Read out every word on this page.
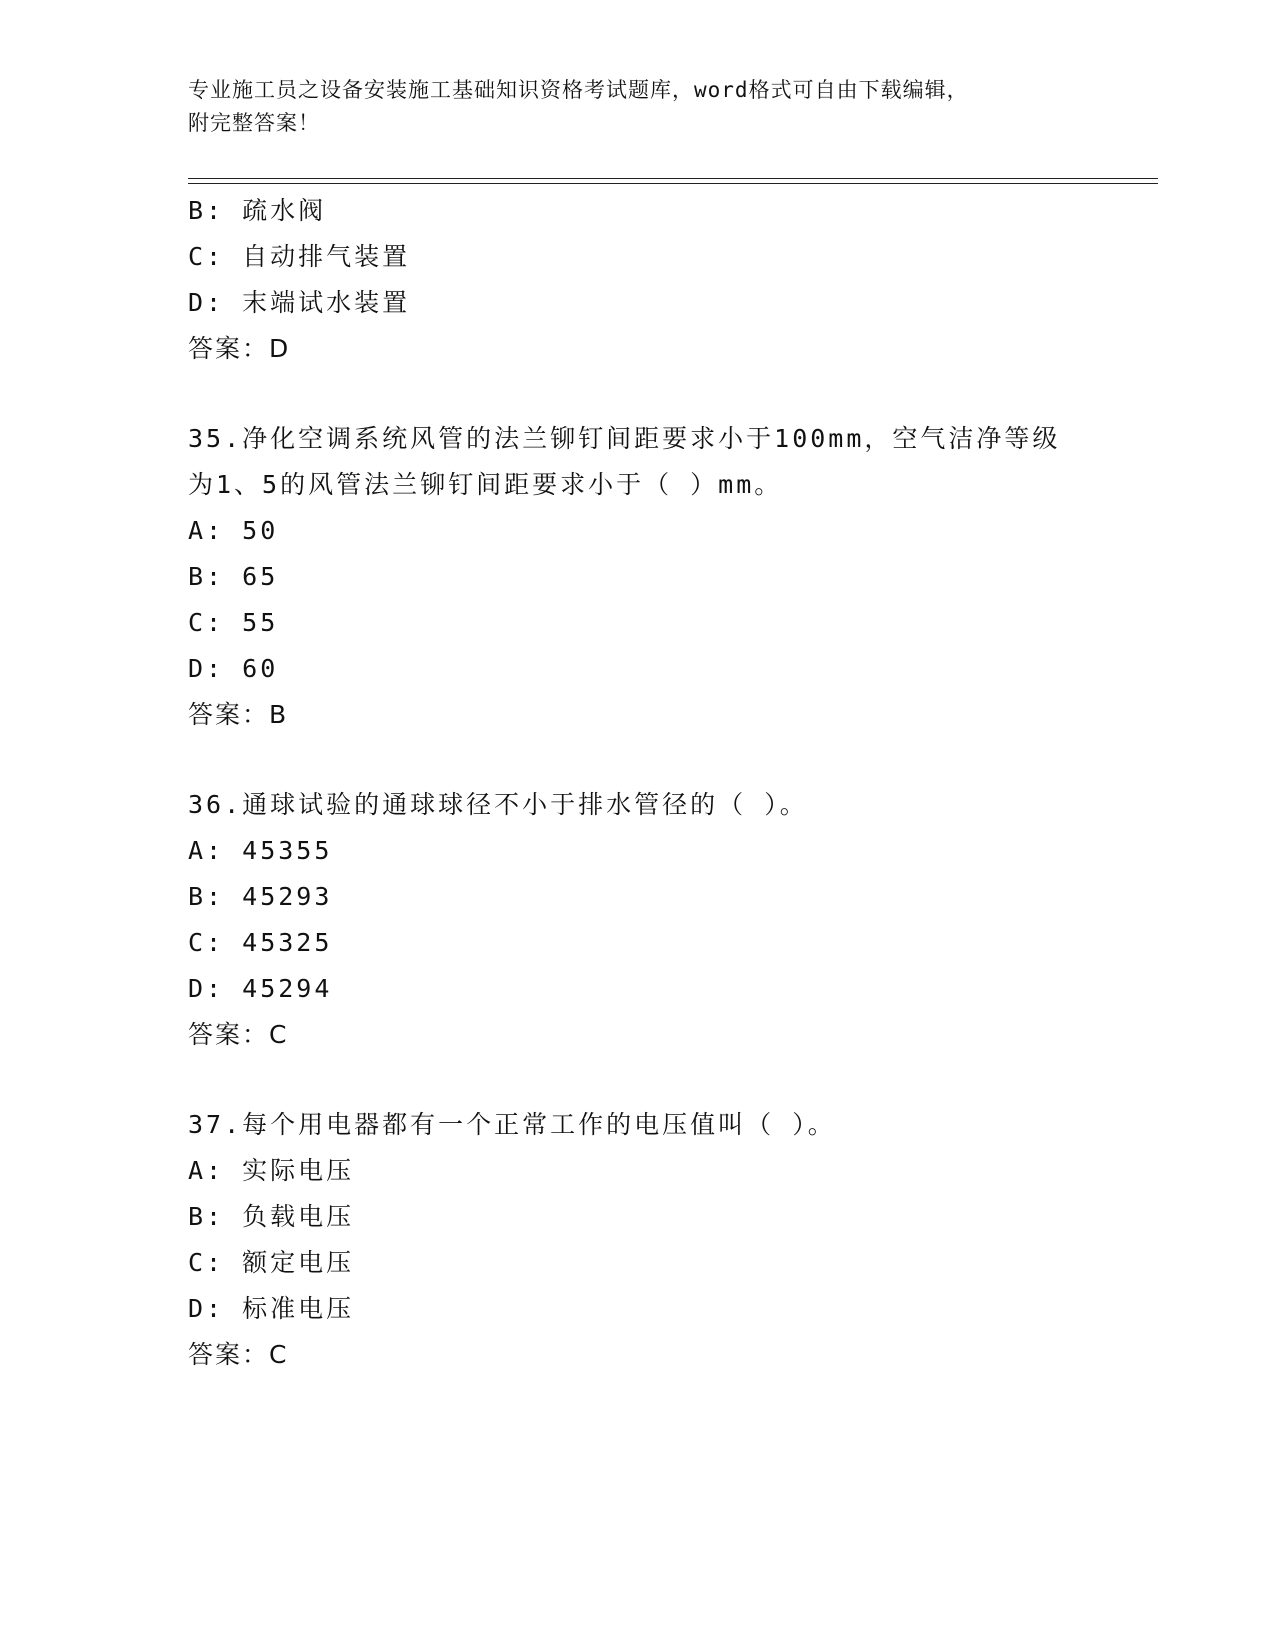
专业施工员之设备安装施工基础知识资格考试题库，word格式可自由下载编辑，
附完整答案！
B: 疏水阀
C: 自动排气装置
D: 末端试水装置
答案：D
35.净化空调系统风管的法兰铆钉间距要求小于100mm，空气洁净等级
为1、5的风管法兰铆钉间距要求小于（ ）mm。
A: 50
B: 65
C: 55
D: 60
答案：B
36.通球试验的通球球径不小于排水管径的（ ）。
A: 45355
B: 45293
C: 45325
D: 45294
答案：C
37.每个用电器都有一个正常工作的电压值叫（ ）。
A: 实际电压
B: 负载电压
C: 额定电压
D: 标准电压
答案：C
